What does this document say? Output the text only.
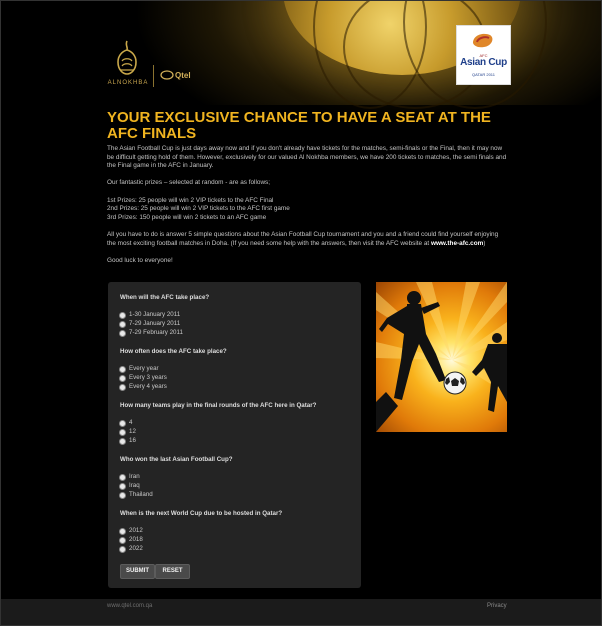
ALNOKHBA
Qtel
AFC
Asian Cup
QATAR 2011
YOUR EXCLUSIVE CHANCE TO HAVE A SEAT AT THE AFC FINALS

The Asian Football Cup is just days away now and if you don't already have tickets for the matches, semi-finals or the Final, then it may now be difficult getting hold of them. However, exclusively for our valued Al Nokhba members, we have 200 tickets to matches, the semi finals and the Final game in the AFC in January.

Our fantastic prizes – selected at random - are as follows;

1st Prizes: 25 people will win 2 VIP tickets to the AFC Final
2nd Prizes: 25 people will win 2 VIP tickets to the AFC first game
3rd Prizes: 150 people will win 2 tickets to an AFC game

All you have to do is answer 5 simple questions about the Asian Football Cup tournament and you and a friend could find yourself enjoying the most exciting football matches in Doha. (If you need some help with the answers, then visit the AFC website at www.the-afc.com)

Good luck to everyone!

When will the AFC take place?
1-30 January 2011
7-29 January 2011
7-29 February 2011
How often does the AFC take place?
Every year
Every 3 years
Every 4 years
How many teams play in the final rounds of the AFC here in Qatar?
4
12
16
Who won the last Asian Football Cup?
Iran
Iraq
Thailand
When is the next World Cup due to be hosted in Qatar?
2012
2018
2022
SUBMIT	RESET
www.qtel.com.qa	Privacy
